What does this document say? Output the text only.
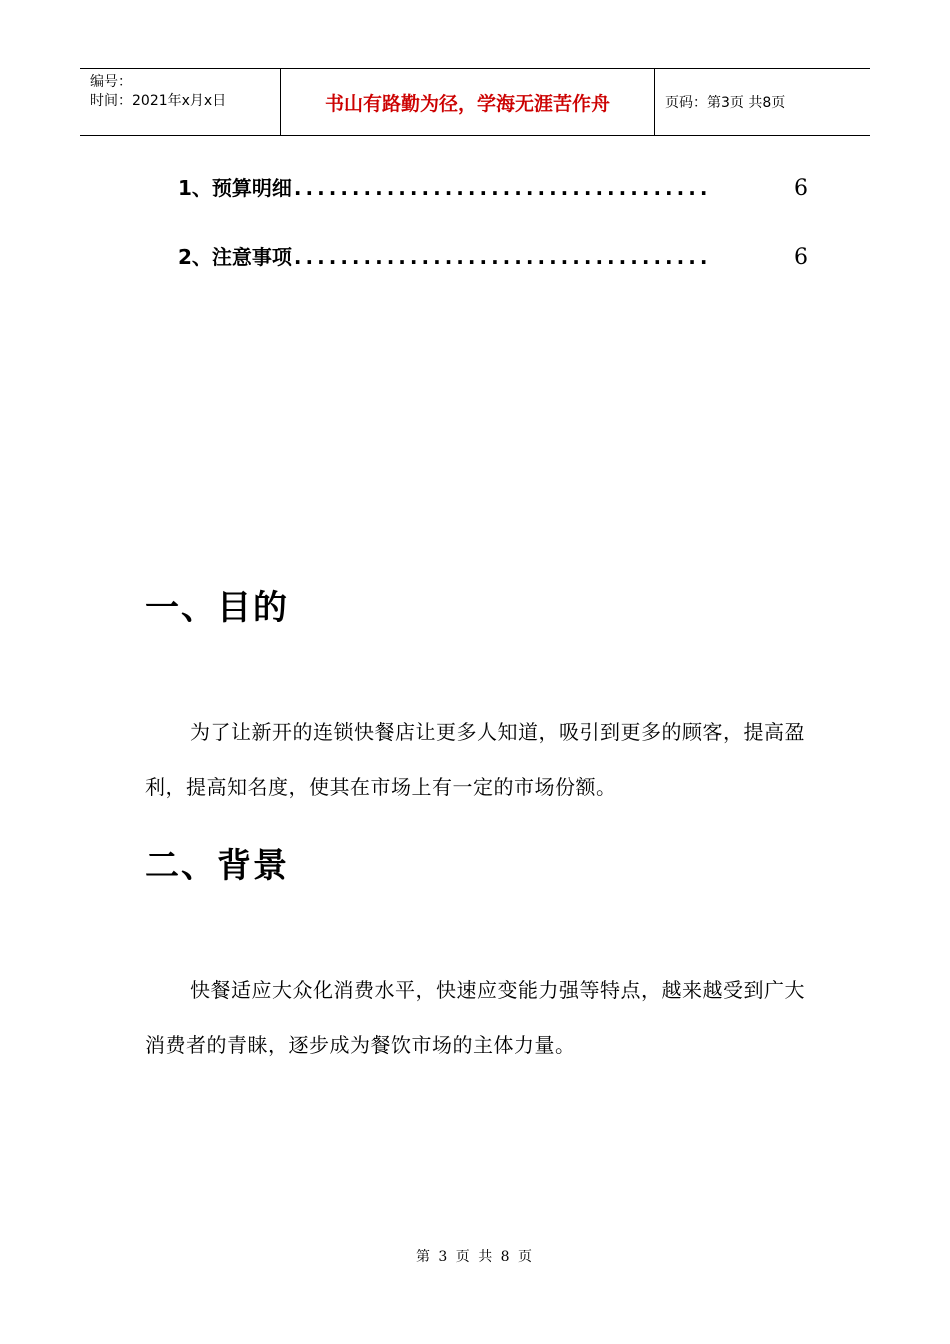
编号：
时间：2021年x月x日	书山有路勤为径，学海无涯苦作舟	页码：第3页 共8页
1、预算明细 ....................................	6
2、注意事项 ....................................	6
一、目的
为了让新开的连锁快餐店让更多人知道，吸引到更多的顾客，提高盈利，提高知名度，使其在市场上有一定的市场份额。
二、背景
快餐适应大众化消费水平，快速应变能力强等特点，越来越受到广大消费者的青睐，逐步成为餐饮市场的主体力量。
第 3 页 共 8 页
